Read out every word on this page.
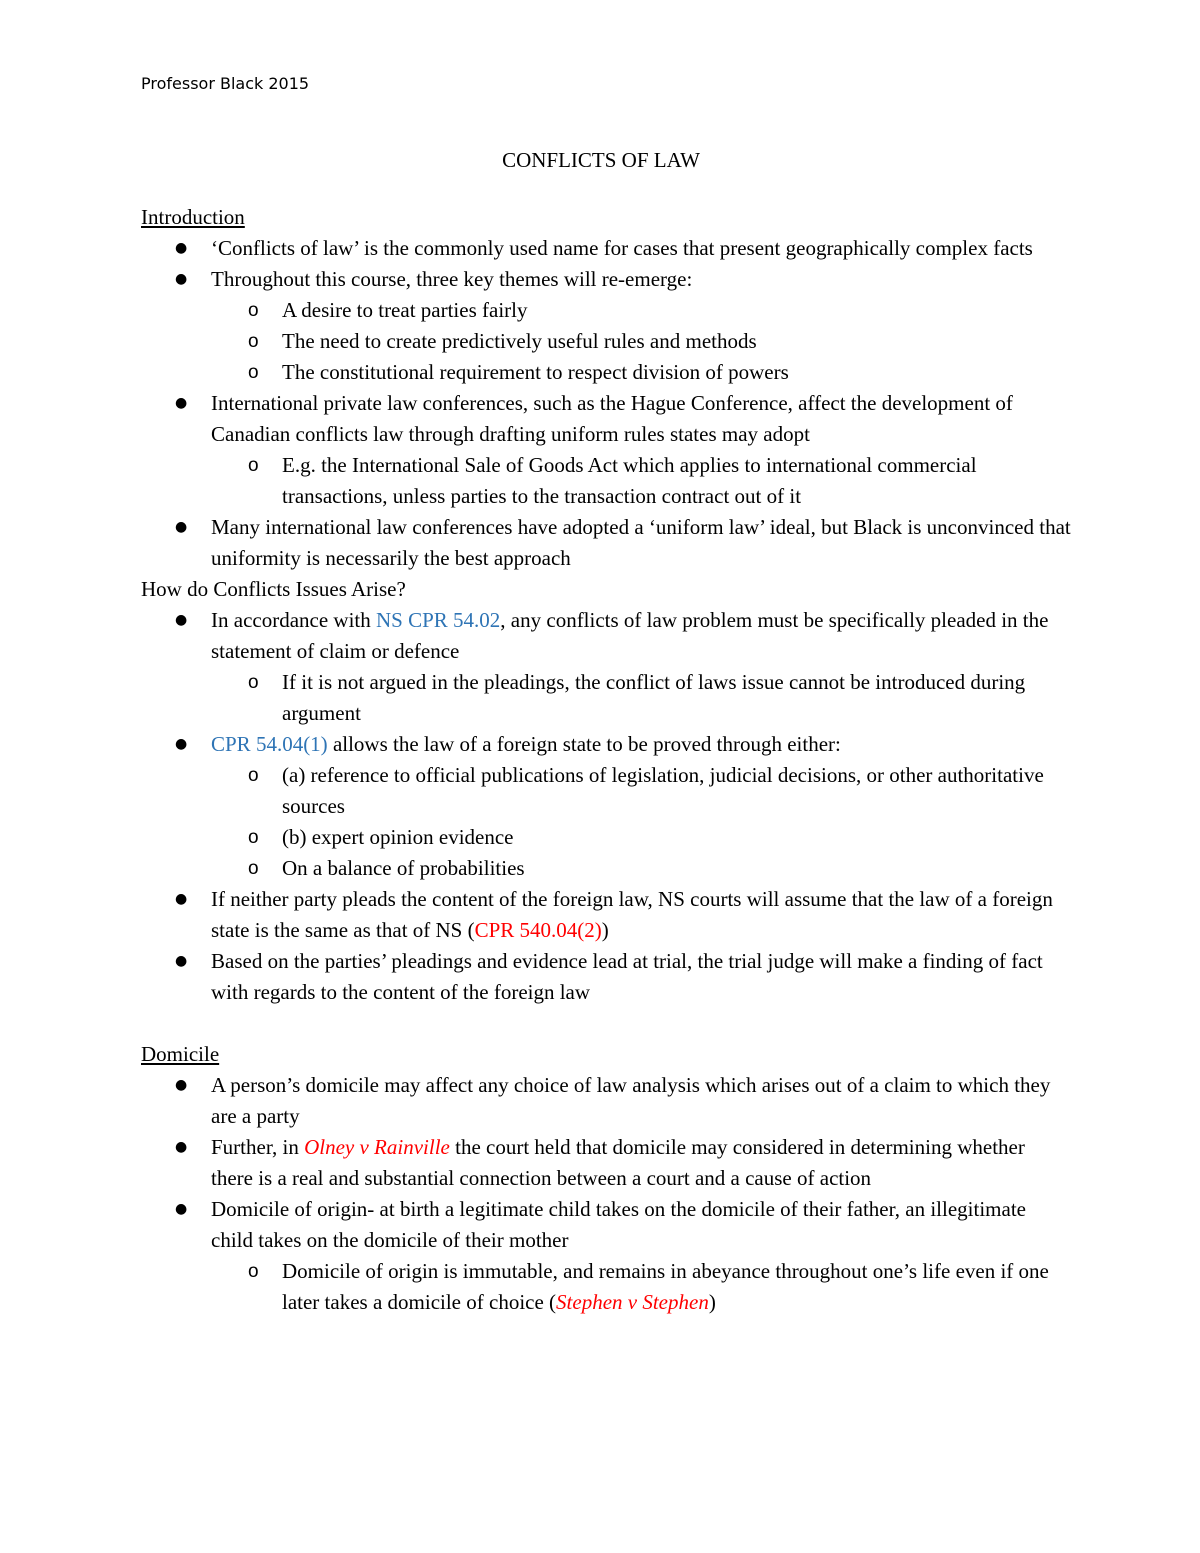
Professor Black 2015
CONFLICTS OF LAW
Introduction
● ‘Conflicts of law’ is the commonly used name for cases that present geographically complex facts
● Throughout this course, three key themes will re-emerge:
o A desire to treat parties fairly
o The need to create predictively useful rules and methods
o The constitutional requirement to respect division of powers
● International private law conferences, such as the Hague Conference, affect the development of Canadian conflicts law through drafting uniform rules states may adopt
o E.g. the International Sale of Goods Act which applies to international commercial transactions, unless parties to the transaction contract out of it
● Many international law conferences have adopted a ‘uniform law’ ideal, but Black is unconvinced that uniformity is necessarily the best approach
How do Conflicts Issues Arise?
● In accordance with NS CPR 54.02, any conflicts of law problem must be specifically pleaded in the statement of claim or defence
o If it is not argued in the pleadings, the conflict of laws issue cannot be introduced during argument
● CPR 54.04(1) allows the law of a foreign state to be proved through either:
o (a) reference to official publications of legislation, judicial decisions, or other authoritative sources
o (b) expert opinion evidence
o On a balance of probabilities
● If neither party pleads the content of the foreign law, NS courts will assume that the law of a foreign state is the same as that of NS (CPR 540.04(2))
● Based on the parties’ pleadings and evidence lead at trial, the trial judge will make a finding of fact with regards to the content of the foreign law
Domicile
● A person’s domicile may affect any choice of law analysis which arises out of a claim to which they are a party
● Further, in Olney v Rainville the court held that domicile may considered in determining whether there is a real and substantial connection between a court and a cause of action
● Domicile of origin- at birth a legitimate child takes on the domicile of their father, an illegitimate child takes on the domicile of their mother
o Domicile of origin is immutable, and remains in abeyance throughout one’s life even if one later takes a domicile of choice (Stephen v Stephen)
